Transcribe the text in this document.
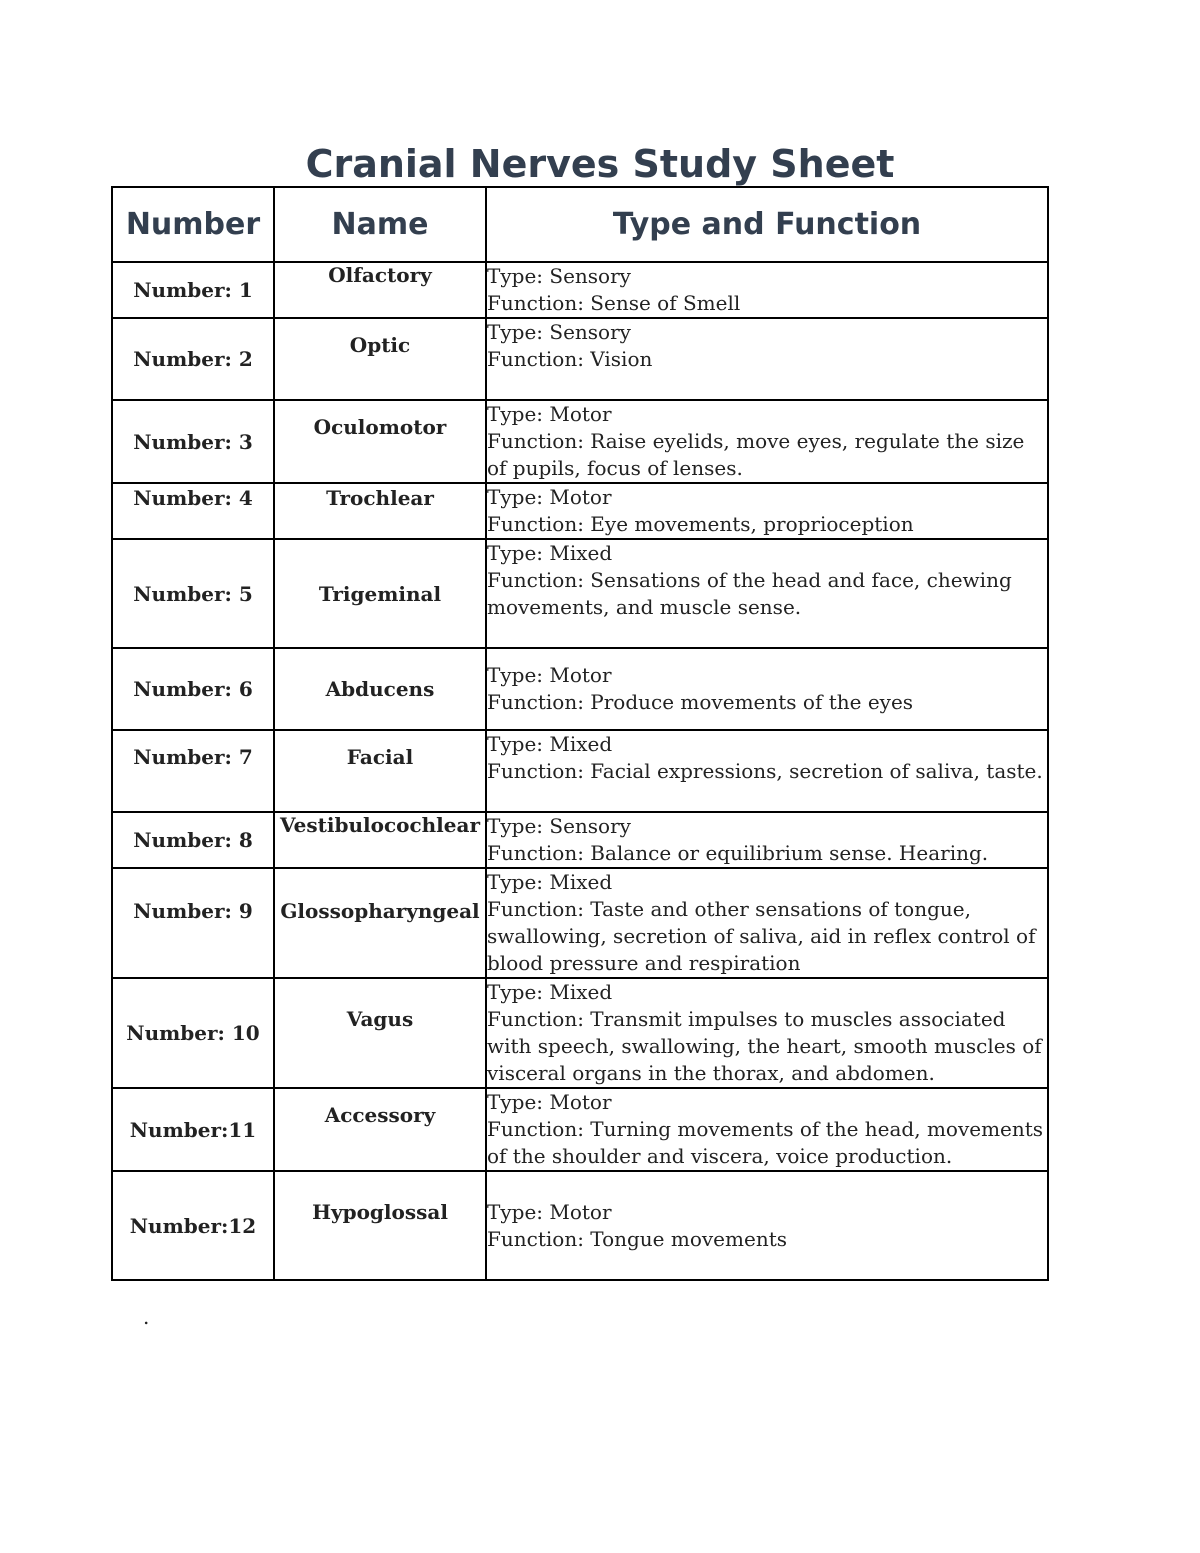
Cranial Nerves Study Sheet
Number	Name	Type and Function
Number: 1	Olfactory	Type: Sensory
Function: Sense of Smell

Number: 2	Optic	Type: Sensory
Function: Vision

Number: 3	Oculomotor	Type: Motor
Function: Raise eyelids, move eyes, regulate the size of pupils, focus of lenses.

Number: 4	Trochlear	Type: Motor
Function: Eye movements, proprioception

Number: 5	Trigeminal	Type: Mixed
Function: Sensations of the head and face, chewing movements, and muscle sense.

Number: 6	Abducens	Type: Motor
Function: Produce movements of the eyes

Number: 7	Facial	Type: Mixed
Function: Facial expressions, secretion of saliva, taste.

Number: 8	Vestibulocochlear	Type: Sensory
Function: Balance or equilibrium sense. Hearing.

Number: 9	Glossopharyngeal	Type: Mixed
Function: Taste and other sensations of tongue, swallowing, secretion of saliva, aid in reflex control of blood pressure and respiration

Number: 10	Vagus	Type: Mixed
Function: Transmit impulses to muscles associated with speech, swallowing, the heart, smooth muscles of visceral organs in the thorax, and abdomen.

Number:11	Accessory	Type: Motor
Function: Turning movements of the head, movements of the shoulder and viscera, voice production.

Number:12	Hypoglossal	Type: Motor
Function: Tongue movements
.
